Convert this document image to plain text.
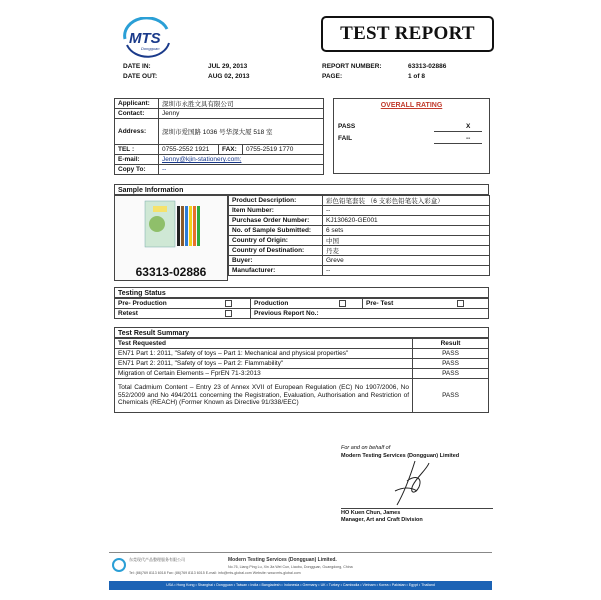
MTS
Dongguan
TEST REPORT
DATE IN:	JUL 29, 2013
DATE OUT:	AUG 02, 2013
REPORT NUMBER:	63313-02886
PAGE:	1 of 8
Applicant:	深圳市永胜文具有限公司		
Contact:	Jenny		
Address:	深圳市爱国路 1036 号华深大厦 518 室		
TEL :	0755-2552 1921	FAX:	0755-2519 1770
E-mail:	Jenny@kjin-stationery.com;		
Copy To:	--		
OVERALL RATING
PASS	X
FAIL	--
Sample Information
63313-02886
Product Description:	彩色铅笔套装 （6 支彩色铅笔装入彩盒）
Item Number:	--
Purchase Order Number:	KJ130620-GE001
No. of Sample Submitted:	6 sets
Country of Origin:	中国
Country of Destination:	丹麦
Buyer:	Greve
Manufacturer:	--
Testing Status
Pre- Production		Production		Pre- Test	
Retest		Previous Report No.:			
Test Result Summary
Test Requested	Result
EN71 Part 1: 2011, "Safety of toys – Part 1: Mechanical and physical properties"	PASS
EN71 Part 2: 2011, "Safety of toys – Part 2: Flammability"	PASS
Migration of Certain Elements – FprEN 71-3:2013	PASS
Total Cadmium Content – Entry 23 of Annex XVII of European Regulation (EC) No 1907/2006, No 552/2009 and No 494/2011 concerning the Registration, Evaluation, Authorisation and Restriction of Chemicals (REACH) (Former Known as Directive 91/338/EEC)	PASS
For and on behalf of
Modern Testing Services (Dongguan) Limited
HO Kuen Chun, James
Manager, Art and Craft Division
东莞现代产品整理服务有限公司	Modern Testing Services (Dongguan) Limited.
No.76, Liang Ping Lu, Xin Jia Wei Cun, Liaobu, Dongguan, Guangdong, China
Tel: (86)769 8113 6018 Fax: (86)769 8113 6015 E-mail: info@mts-global.com Website: www.mts-global.com
USA • Hong Kong • Shanghai • Dongguan • Taiwan • India • Bangladesh • Indonesia • Germany • UK • Turkey • Cambodia • Vietnam • Korea • Pakistan • Egypt • Thailand
